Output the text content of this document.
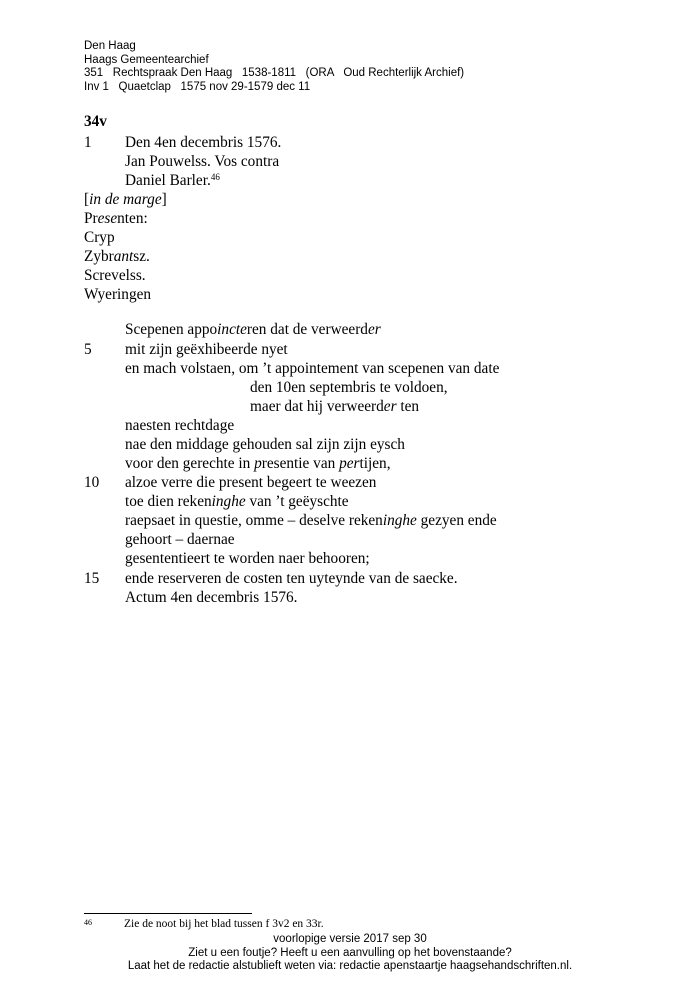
Den Haag
Haags Gemeentearchief
351   Rechtspraak Den Haag   1538-1811   (ORA   Oud Rechterlijk Archief)
Inv 1   Quaetclap   1575 nov 29-1579 dec 11
34v
1 Den 4en decembris 1576.
Jan Pouwelss. Vos contra
Daniel Barler.$^{46}$
[in de marge]
Presenten:
Cryp
Zybrantsz.
Screvelss.
Wyeringen
Scepenen appoincteren dat de verweerder
5 mit zijn geëxhibeerde nyet
en mach volstaen, om ’t appointement van scepenen van date
den 10en septembris te voldoen,
maer dat hij verweerder ten
naesten rechtdage
nae den middage gehouden sal zijn zijn eysch
voor den gerechte in presentie van pertijen,
10 alzoe verre die present begeert te weezen
toe dien rekeninghe van ’t geëyschte
raepsaet in questie, omme – deselve rekeninghe gezyen ende
gehoort – daernae
gesententieert te worden naer behooren;
15 ende reserveren de costen ten uyteynde van de saecke.
Actum 4en decembris 1576.
$^{46}$	Zie de noot bij het blad tussen f 3v2 en 33r.
voorlopige versie 2017 sep 30
Ziet u een foutje? Heeft u een aanvulling op het bovenstaande?
Laat het de redactie alstublieft weten via: redactie apenstaartje haagsehandschriften.nl.
